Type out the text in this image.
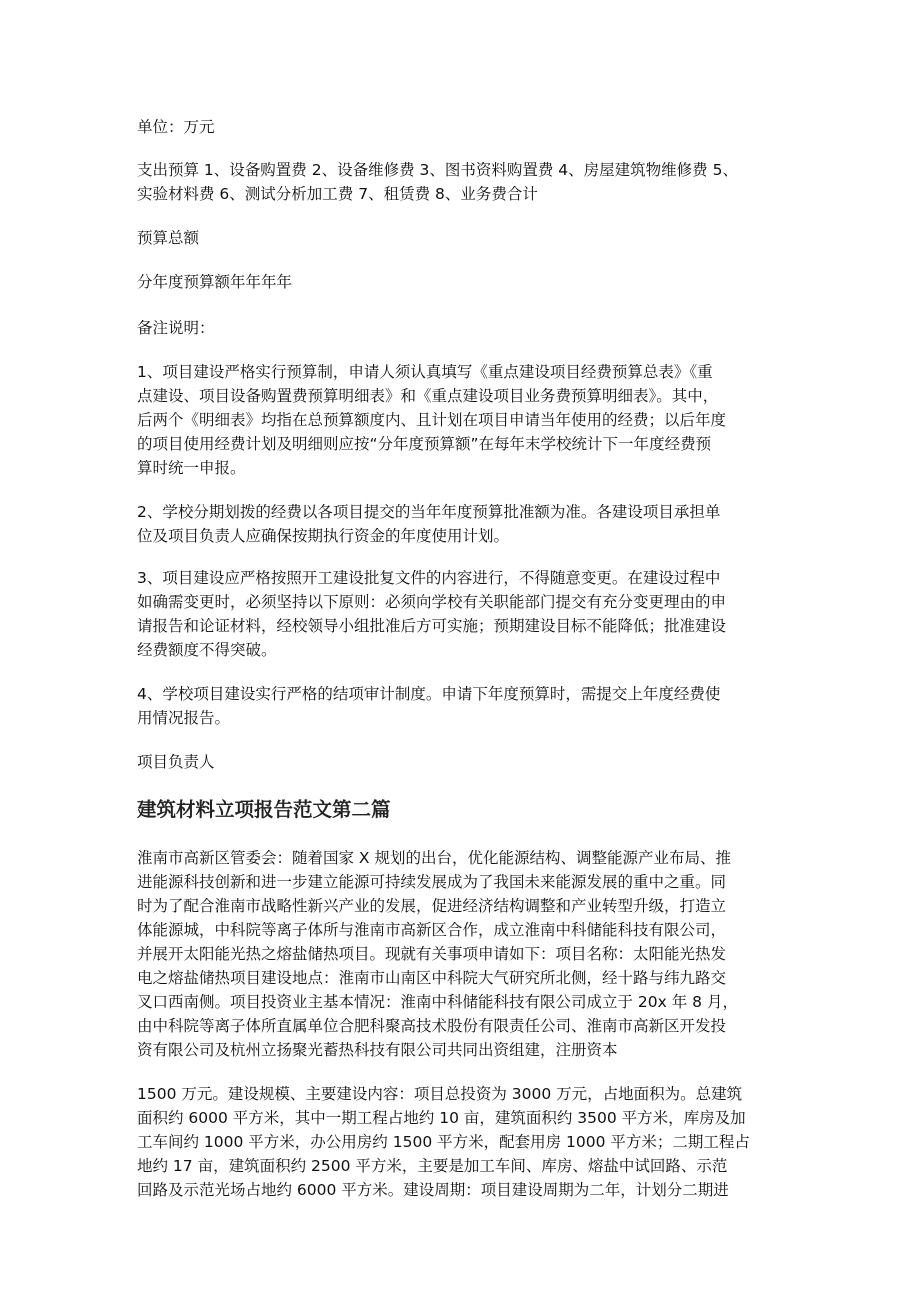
单位：万元

支出预算 1、设备购置费 2、设备维修费 3、图书资料购置费 4、房屋建筑物维修费 5、
实验材料费 6、测试分析加工费 7、租赁费 8、业务费合计

预算总额

分年度预算额年年年年

备注说明：

1、项目建设严格实行预算制，申请人须认真填写《重点建设项目经费预算总表》《重
点建设、项目设备购置费预算明细表》和《重点建设项目业务费预算明细表》。其中，
后两个《明细表》均指在总预算额度内、且计划在项目申请当年使用的经费；以后年度
的项目使用经费计划及明细则应按“分年度预算额”在每年末学校统计下一年度经费预
算时统一申报。

2、学校分期划拨的经费以各项目提交的当年年度预算批准额为准。各建设项目承担单
位及项目负责人应确保按期执行资金的年度使用计划。

3、项目建设应严格按照开工建设批复文件的内容进行，不得随意变更。在建设过程中
如确需变更时，必须坚持以下原则：必须向学校有关职能部门提交有充分变更理由的申
请报告和论证材料，经校领导小组批准后方可实施；预期建设目标不能降低；批准建设
经费额度不得突破。

4、学校项目建设实行严格的结项审计制度。申请下年度预算时，需提交上年度经费使
用情况报告。

项目负责人

建筑材料立项报告范文第二篇

淮南市高新区管委会：随着国家 X 规划的出台，优化能源结构、调整能源产业布局、推
进能源科技创新和进一步建立能源可持续发展成为了我国未来能源发展的重中之重。同
时为了配合淮南市战略性新兴产业的发展，促进经济结构调整和产业转型升级，打造立
体能源城，中科院等离子体所与淮南市高新区合作，成立淮南中科储能科技有限公司，
并展开太阳能光热之熔盐储热项目。现就有关事项申请如下：项目名称：太阳能光热发
电之熔盐储热项目建设地点：淮南市山南区中科院大气研究所北侧，经十路与纬九路交
叉口西南侧。项目投资业主基本情况：淮南中科储能科技有限公司成立于 20x 年 8 月，
由中科院等离子体所直属单位合肥科聚高技术股份有限责任公司、淮南市高新区开发投
资有限公司及杭州立扬聚光蓄热科技有限公司共同出资组建，注册资本

1500 万元。建设规模、主要建设内容：项目总投资为 3000 万元，占地面积为。总建筑
面积约 6000 平方米，其中一期工程占地约 10 亩，建筑面积约 3500 平方米，库房及加
工车间约 1000 平方米，办公用房约 1500 平方米，配套用房 1000 平方米；二期工程占
地约 17 亩，建筑面积约 2500 平方米，主要是加工车间、库房、熔盐中试回路、示范
回路及示范光场占地约 6000 平方米。建设周期：项目建设周期为二年，计划分二期进
